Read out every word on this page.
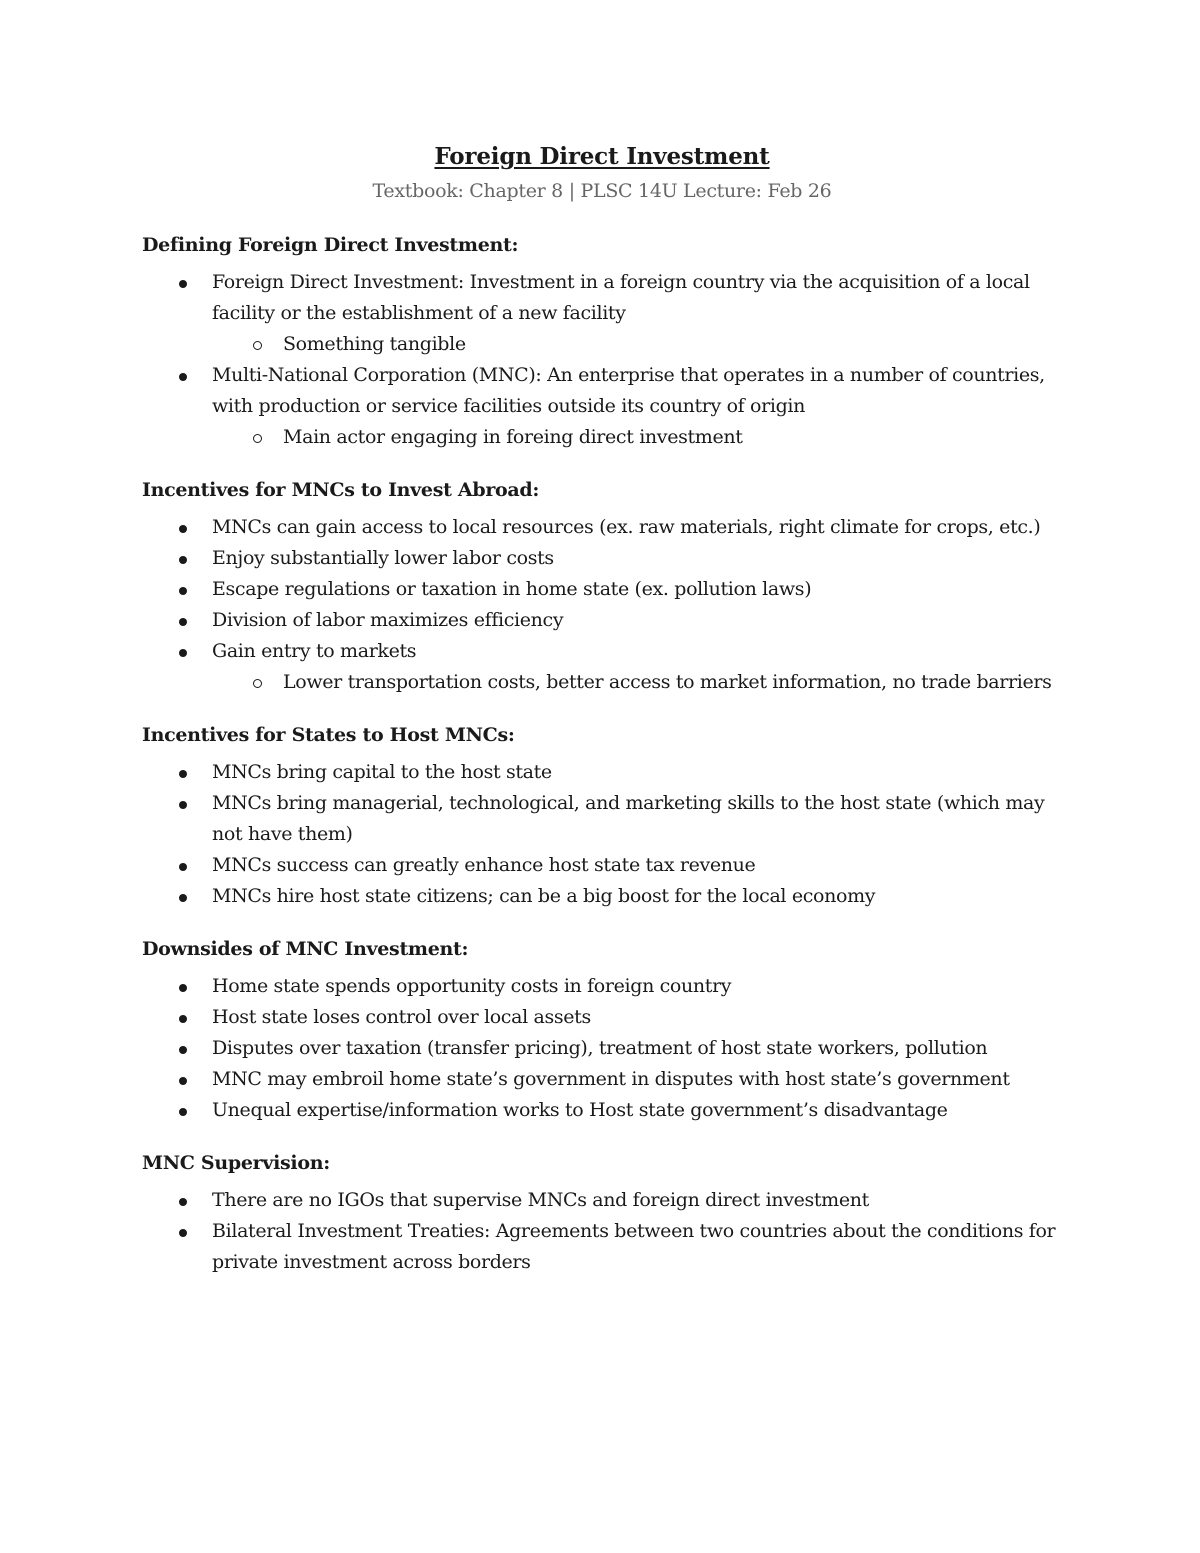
Foreign Direct Investment

Textbook: Chapter 8 | PLSC 14U Lecture: Feb 26

Defining Foreign Direct Investment:
Foreign Direct Investment: Investment in a foreign country via the acquisition of a local facility or the establishment of a new facility
Something tangible
Multi-National Corporation (MNC): An enterprise that operates in a number of countries, with production or service facilities outside its country of origin
Main actor engaging in foreing direct investment
Incentives for MNCs to Invest Abroad:
MNCs can gain access to local resources (ex. raw materials, right climate for crops, etc.)
Enjoy substantially lower labor costs
Escape regulations or taxation in home state (ex. pollution laws)
Division of labor maximizes efficiency
Gain entry to markets
Lower transportation costs, better access to market information, no trade barriers
Incentives for States to Host MNCs:
MNCs bring capital to the host state
MNCs bring managerial, technological, and marketing skills to the host state (which may not have them)
MNCs success can greatly enhance host state tax revenue
MNCs hire host state citizens; can be a big boost for the local economy
Downsides of MNC Investment:
Home state spends opportunity costs in foreign country
Host state loses control over local assets
Disputes over taxation (transfer pricing), treatment of host state workers, pollution
MNC may embroil home state’s government in disputes with host state’s government
Unequal expertise/information works to Host state government’s disadvantage
MNC Supervision:
There are no IGOs that supervise MNCs and foreign direct investment
Bilateral Investment Treaties: Agreements between two countries about the conditions for private investment across borders
